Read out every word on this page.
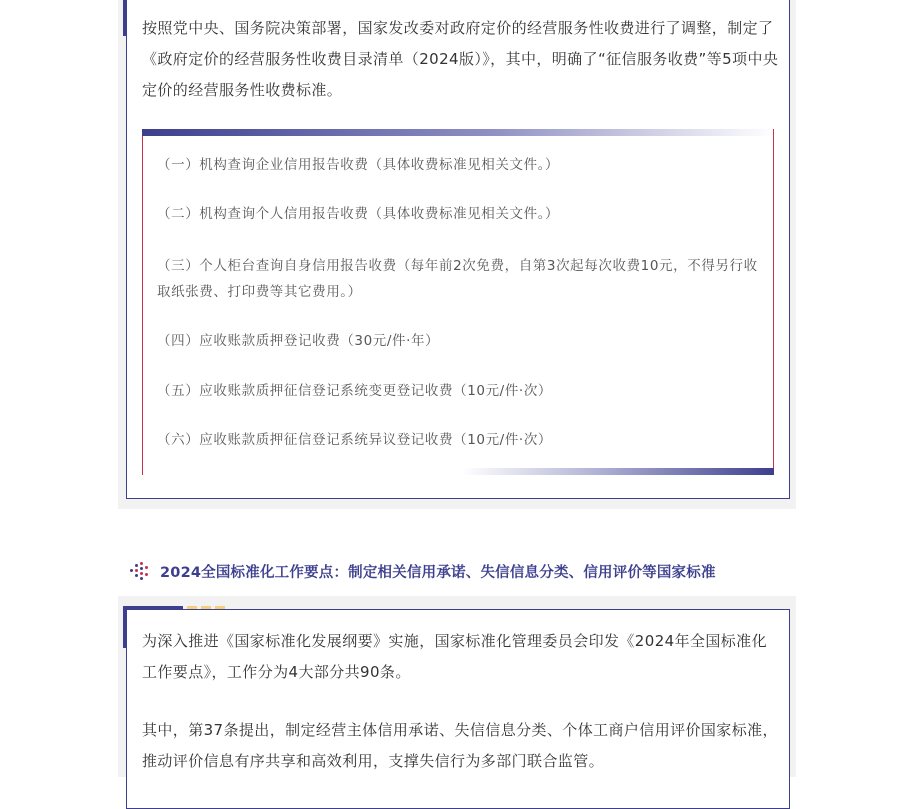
按照党中央、国务院决策部署，国家发改委对政府定价的经营服务性收费进行了调整，制定了《政府定价的经营服务性收费目录清单（2024版）》，其中，明确了“征信服务收费”等5项中央定价的经营服务性收费标准。

（一）机构查询企业信用报告收费（具体收费标准见相关文件。）

（二）机构查询个人信用报告收费（具体收费标准见相关文件。）

（三）个人柜台查询自身信用报告收费（每年前2次免费，自第3次起每次收费10元，不得另行收取纸张费、打印费等其它费用。）

（四）应收账款质押登记收费（30元/件·年）

（五）应收账款质押征信登记系统变更登记收费（10元/件·次）

（六）应收账款质押征信登记系统异议登记收费（10元/件·次）

2024全国标准化工作要点：制定相关信用承诺、失信信息分类、信用评价等国家标准

为深入推进《国家标准化发展纲要》实施，国家标准化管理委员会印发《2024年全国标准化工作要点》，工作分为4大部分共90条。

其中，第37条提出，制定经营主体信用承诺、失信信息分类、个体工商户信用评价国家标准，推动评价信息有序共享和高效利用，支撑失信行为多部门联合监管。
